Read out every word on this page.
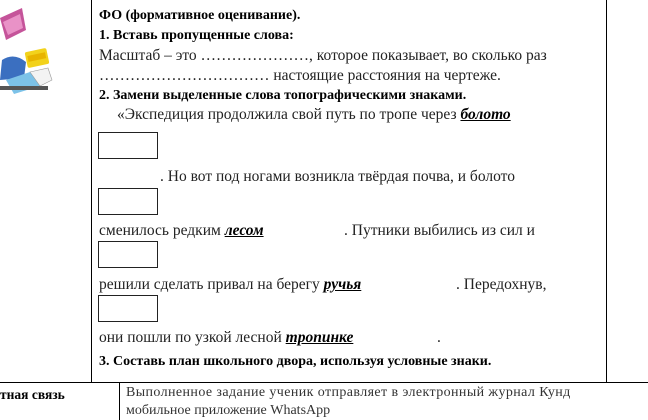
ФО (формативное оценивание).
1. Вставь пропущенные слова:
Масштаб – это …………………, которое показывает, во сколько раз
…………………………… настоящие расстояния на чертеже.
2. Замени выделенные слова топографическими знаками.
«Экспедиция продолжила свой путь по тропе через болото
. Но вот под ногами возникла твёрдая почва, и болото
сменилось редким лесом	. Путники выбились из сил и
решили сделать привал на берегу ручья	. Передохнув,
они пошли по узкой лесной тропинке	.
3. Составь план школьного двора, используя условные знаки.
тная связь	Выполненное задание ученик отправляет в электронный журнал Кунд
мобильное приложение WhatsApp
